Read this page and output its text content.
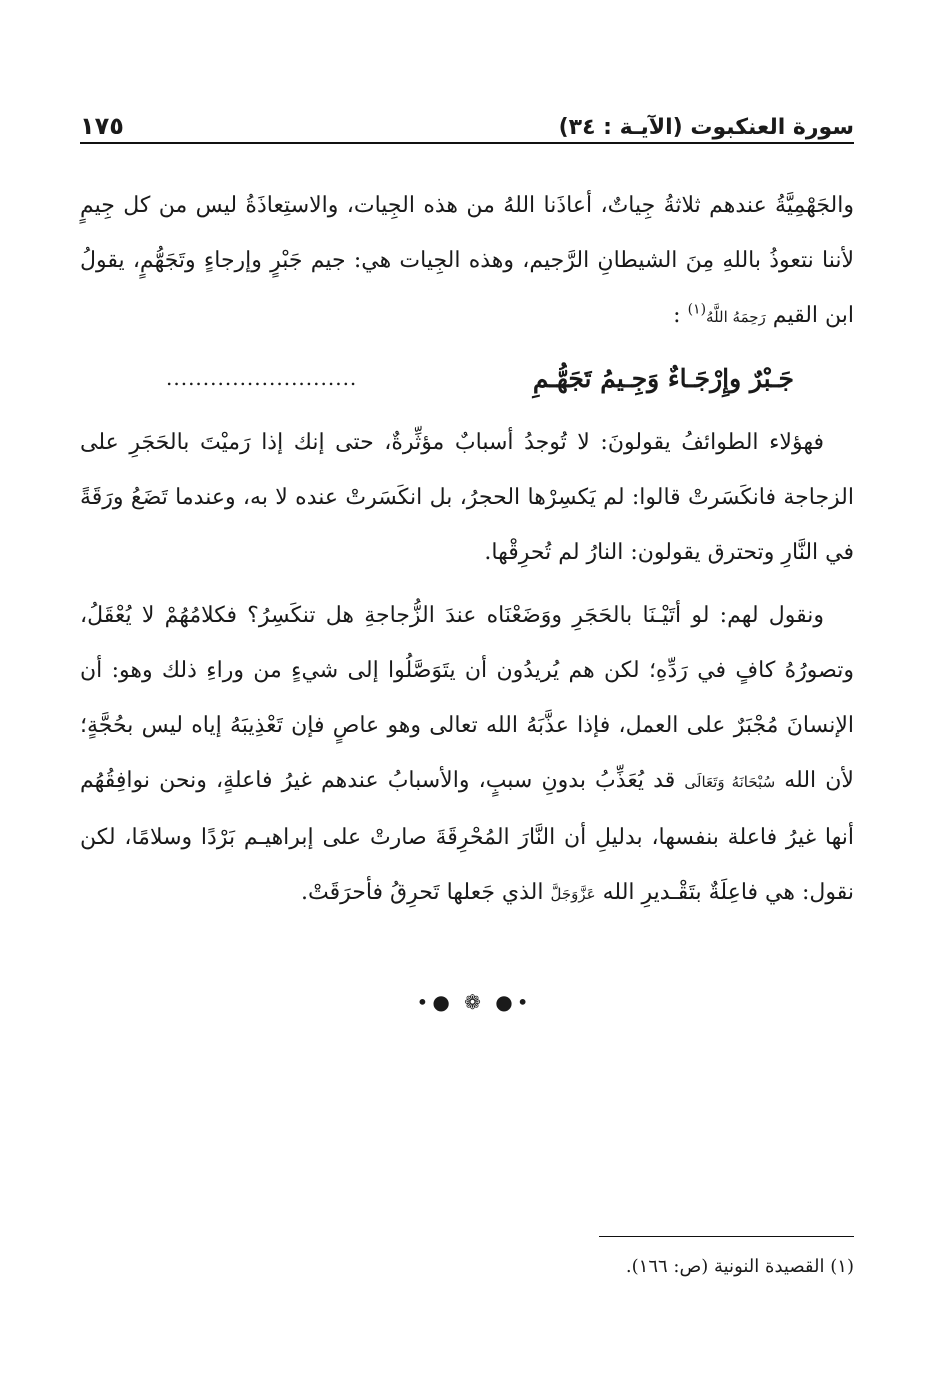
سورة العنكبوت (الآيـة : ٣٤)
١٧٥

والجَهْمِيَّةُ عندهم ثلاثةُ جِياتٌ، أعاذَنا اللهُ من هذه الجِيات، والاستِعاذَةُ ليس من كل جِيمٍ لأننا نتعوذُ باللهِ مِنَ الشيطانِ الرَّجيم، وهذه الجِيات هي: جيم جَبْرٍ وإرجاءٍ وتَجَهُّمٍ، يقولُ ابن القيم رَحِمَهُ اللَّهُ$^{(١)}$ :

جَـبْرٌ وإِرْجَـاءٌ وَجِـيمُ تَجَهُّـمِ
..........................

فهؤلاء الطوائفُ يقولونَ: لا تُوجدُ أسبابٌ مؤثِّرةٌ، حتى إنك إذا رَميْتَ بالحَجَرِ على الزجاجة فانكَسَرتْ قالوا: لم يَكسِرْها الحجرُ، بل انكَسَرتْ عنده لا به، وعندما تَضَعُ ورَقَةً في النَّارِ وتحترق يقولون: النارُ لم تُحرِقْها.

ونقول لهم: لو أتَيْـنَا بالحَجَرِ ووَضَعْنَاه عندَ الزُّجاجةِ هل تنكَسِرُ؟ فكلامُهُمْ لا يُعْقَلُ، وتصورُهُ كافٍ في رَدِّهِ؛ لكن هم يُريدُون أن يتَوَصَّلُوا إلى شيءٍ من وراءِ ذلك وهو: أن الإنسانَ مُجْبَرٌ على العمل، فإذا عذَّبَهُ الله تعالى وهو عاصٍ فإن تَعْذِيبَهُ إياه ليس بحُجَّةٍ؛ لأن الله سُبْحَانَهُ وَتَعَالَى قد يُعَذِّبُ بدونِ سببٍ، والأسبابُ عندهم غيرُ فاعلةٍ، ونحن نوافِقُهُم أنها غيرُ فاعلة بنفسها، بدليلِ أن النَّارَ المُحْرِقَةَ صارتْ على إبراهيـم بَرْدًا وسلامًا، لكن نقول: هي فاعِلَةٌ بتَقْـديرِ الله عَزَّوَجَلَّ الذي جَعلها تَحرِقُ فأحرَقَتْ.

•● ❁ ●•
(١) القصيدة النونية (ص: ١٦٦).
